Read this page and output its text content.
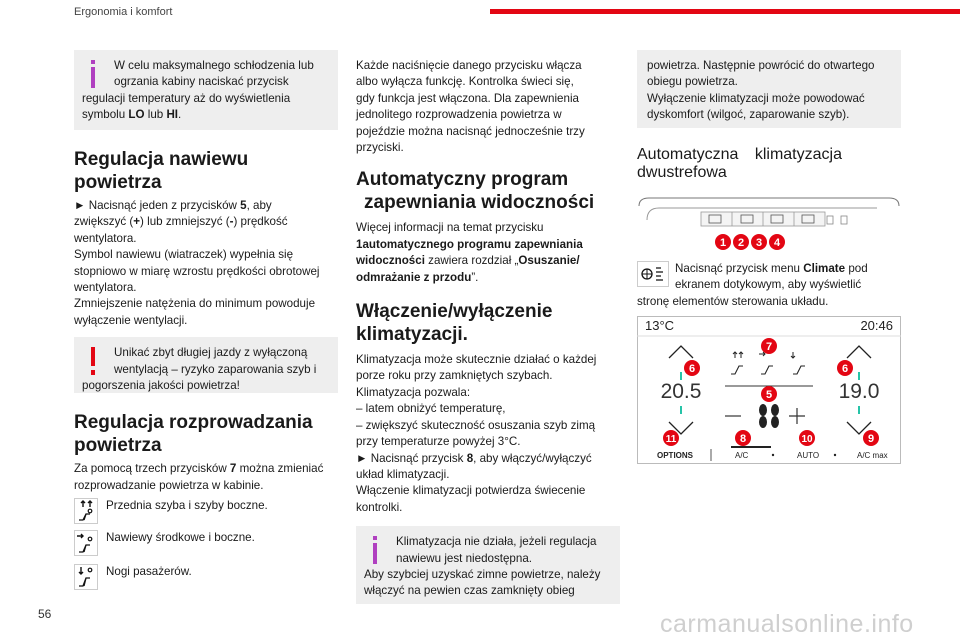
Ergonomia i komfort
W celu maksymalnego schłodzenia lub
ogrzania kabiny naciskać przycisk
regulacji temperatury aż do wyświetlenia
symbolu LO lub HI.
Regulacja nawiewu
powietrza
► Nacisnąć jeden z przycisków 5, aby
zwiększyć (+) lub zmniejszyć (-) prędkość
wentylatora.
Symbol nawiewu (wiatraczek) wypełnia się
stopniowo w miarę wzrostu prędkości obrotowej
wentylatora.
Zmniejszenie natężenia do minimum powoduje
wyłączenie wentylacji.
Unikać zbyt długiej jazdy z wyłączoną
wentylacją – ryzyko zaparowania szyb i
pogorszenia jakości powietrza!
Regulacja rozprowadzania
powietrza
Za pomocą trzech przycisków 7 można zmieniać
rozprowadzanie powietrza w kabinie.
Przednia szyba i szyby boczne.
Nawiewy środkowe i boczne.
Nogi pasażerów.
Każde naciśnięcie danego przycisku włącza
albo wyłącza funkcję. Kontrolka świeci się,
gdy funkcja jest włączona. Dla zapewnienia
jednolitego rozprowadzenia powietrza w
pojeździe można nacisnąć jednocześnie trzy
przyciski.
Automatyczny program
zapewniania widoczności
Więcej informacji na temat przycisku
1automatycznego programu zapewniania
widoczności zawiera rozdział „Osuszanie/
odmrażanie z przodu”.
Włączenie/wyłączenie
klimatyzacji.
Klimatyzacja może skutecznie działać o każdej
porze roku przy zamkniętych szybach.
Klimatyzacja pozwala:
– latem obniżyć temperaturę,
– zwiększyć skuteczność osuszania szyb zimą
przy temperaturze powyżej 3°C.
► Nacisnąć przycisk 8, aby włączyć/wyłączyć
układ klimatyzacji.
Włączenie klimatyzacji potwierdza świecenie
kontrolki.
Klimatyzacja nie działa, jeżeli regulacja
nawiewu jest niedostępna.
Aby szybciej uzyskać zimne powietrze, należy
włączyć na pewien czas zamknięty obieg
powietrza. Następnie powrócić do otwartego
obiegu powietrza.
Wyłączenie klimatyzacji może powodować
dyskomfort (wilgoć, zaparowanie szyb).
Automatyczna klimatyzacja dwustrefowa
1 2 3 4
Nacisnąć przycisk menu Climate pod
ekranem dotykowym, aby wyświetlić
stronę elementów sterowania układu.
13°C	20:46
6
20.5
6
19.0
7
5
11	8	10	9
OPTIONS	A/C	AUTO	A/C max
56	carmanualsonline.info
